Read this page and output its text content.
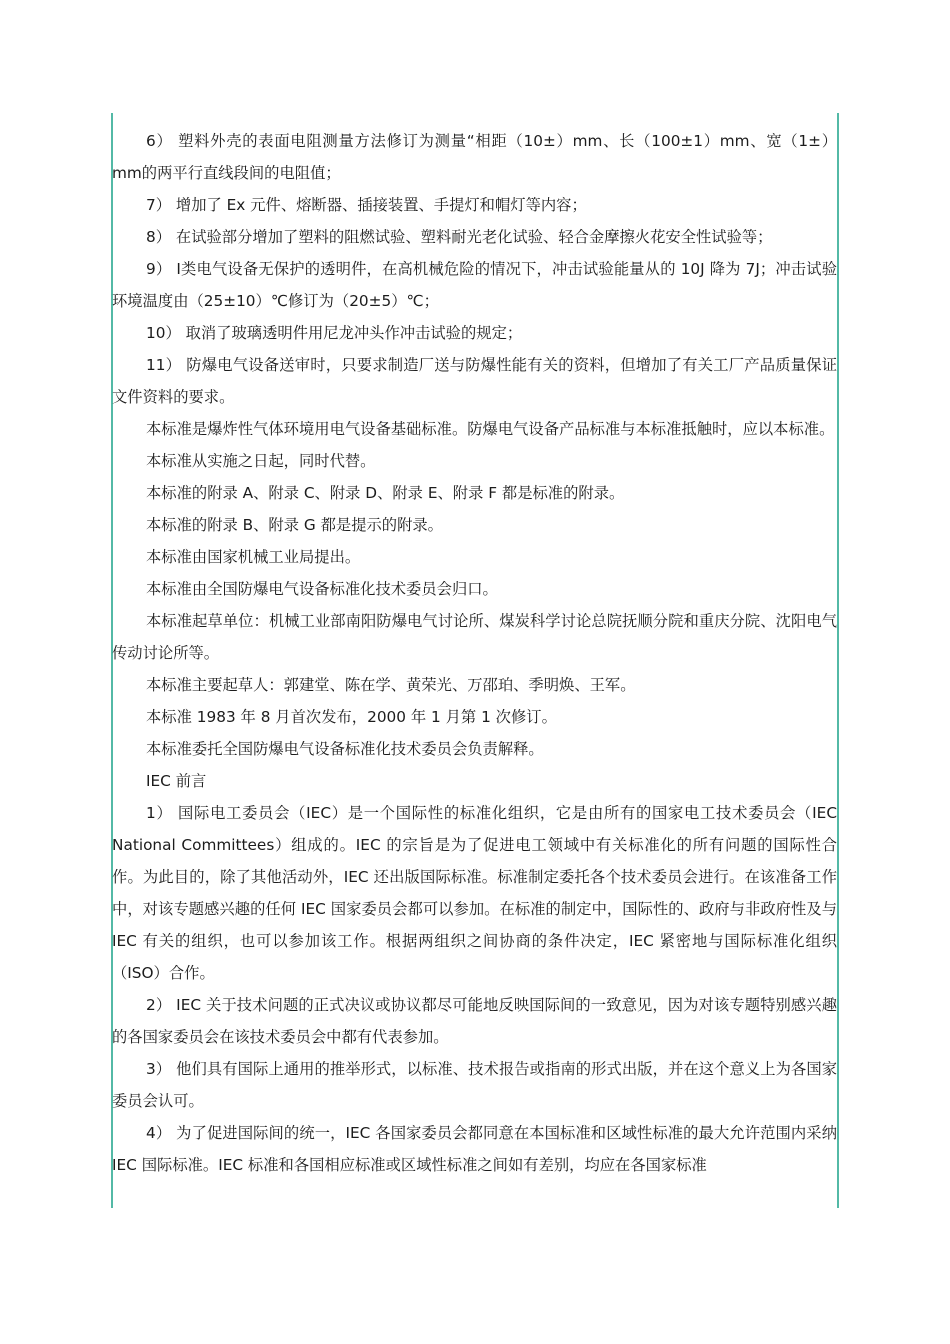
6） 塑料外壳的表面电阻测量方法修订为测量“相距（10±）mm、长（100±1）mm、宽（1±）mm的两平行直线段间的电阻值；

7） 增加了 Ex 元件、熔断器、插接装置、手提灯和帽灯等内容；

8） 在试验部分增加了塑料的阻燃试验、塑料耐光老化试验、轻合金摩擦火花安全性试验等；

9） Ⅰ类电气设备无保护的透明件，在高机械危险的情况下，冲击试验能量从的 10J 降为 7J；冲击试验环境温度由（25±10）℃修订为（20±5）℃；

10） 取消了玻璃透明件用尼龙冲头作冲击试验的规定；

11） 防爆电气设备送审时，只要求制造厂送与防爆性能有关的资料，但增加了有关工厂产品质量保证文件资料的要求。

本标准是爆炸性气体环境用电气设备基础标准。防爆电气设备产品标准与本标准抵触时，应以本标准。

本标准从实施之日起，同时代替。

本标准的附录 A、附录 C、附录 D、附录 E、附录 F 都是标准的附录。

本标准的附录 B、附录 G 都是提示的附录。

本标准由国家机械工业局提出。

本标准由全国防爆电气设备标准化技术委员会归口。

本标准起草单位：机械工业部南阳防爆电气讨论所、煤炭科学讨论总院抚顺分院和重庆分院、沈阳电气传动讨论所等。

本标准主要起草人：郭建堂、陈在学、黄荣光、万邵珀、季明焕、王军。

本标准 1983 年 8 月首次发布，2000 年 1 月第 1 次修订。

本标准委托全国防爆电气设备标准化技术委员会负责解释。

IEC 前言

1） 国际电工委员会（IEC）是一个国际性的标准化组织，它是由所有的国家电工技术委员会（IEC National Committees）组成的。IEC 的宗旨是为了促进电工领域中有关标准化的所有问题的国际性合作。为此目的，除了其他活动外，IEC 还出版国际标准。标准制定委托各个技术委员会进行。在该准备工作中，对该专题感兴趣的任何 IEC 国家委员会都可以参加。在标准的制定中，国际性的、政府与非政府性及与 IEC 有关的组织，也可以参加该工作。根据两组织之间协商的条件决定，IEC 紧密地与国际标准化组织（ISO）合作。

2） IEC 关于技术问题的正式决议或协议都尽可能地反映国际间的一致意见，因为对该专题特别感兴趣的各国家委员会在该技术委员会中都有代表参加。

3） 他们具有国际上通用的推举形式，以标准、技术报告或指南的形式出版，并在这个意义上为各国家委员会认可。

4） 为了促进国际间的统一，IEC 各国家委员会都同意在本国标准和区域性标准的最大允许范围内采纳 IEC 国际标准。IEC 标准和各国相应标准或区域性标准之间如有差别，均应在各国家标准
